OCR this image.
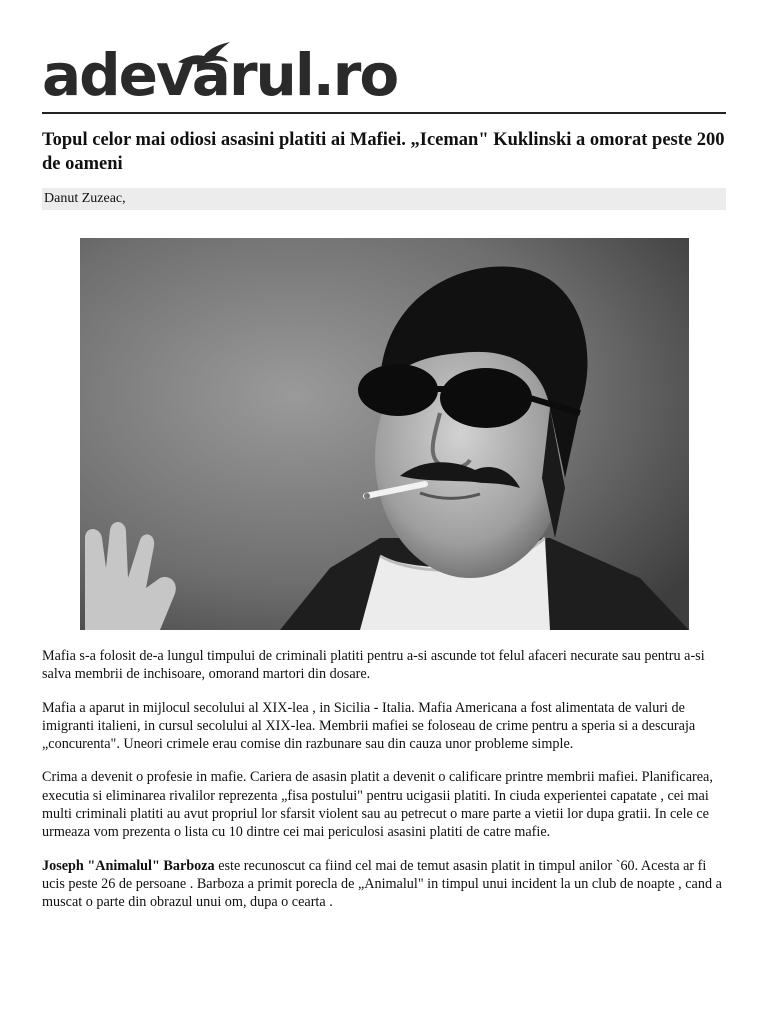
adevarul.ro
Topul celor mai odiosi asasini platiti ai Mafiei. „Iceman" Kuklinski a omorat peste 200 de oameni
Danut Zuzeac,

Mafia s-a folosit de-a lungul timpului de criminali platiti pentru a-si ascunde tot felul afaceri necurate sau pentru a-si salva membrii de inchisoare, omorand martori din dosare.

Mafia a aparut in mijlocul secolului al XIX-lea , in Sicilia - Italia. Mafia Americana a fost alimentata de valuri de imigranti italieni, in cursul secolului al XIX-lea. Membrii mafiei se foloseau de crime pentru a speria si a descuraja „concurenta". Uneori crimele erau comise din razbunare sau din cauza unor probleme simple.

Crima a devenit o profesie in mafie. Cariera de asasin platit a devenit o calificare printre membrii mafiei. Planificarea, executia si eliminarea rivalilor reprezenta „fisa postului" pentru ucigasii platiti. In ciuda experientei capatate , cei mai multi criminali platiti au avut propriul lor sfarsit violent sau au petrecut o mare parte a vietii lor dupa gratii. In cele ce urmeaza vom prezenta o lista cu 10 dintre cei mai periculosi asasini platiti de catre mafie.

Joseph "Animalul" Barboza este recunoscut ca fiind cel mai de temut asasin platit in timpul anilor `60. Acesta ar fi ucis peste 26 de persoane . Barboza a primit porecla de „Animalul" in timpul unui incident la un club de noapte , cand a muscat o parte din obrazul unui om, dupa o cearta .
